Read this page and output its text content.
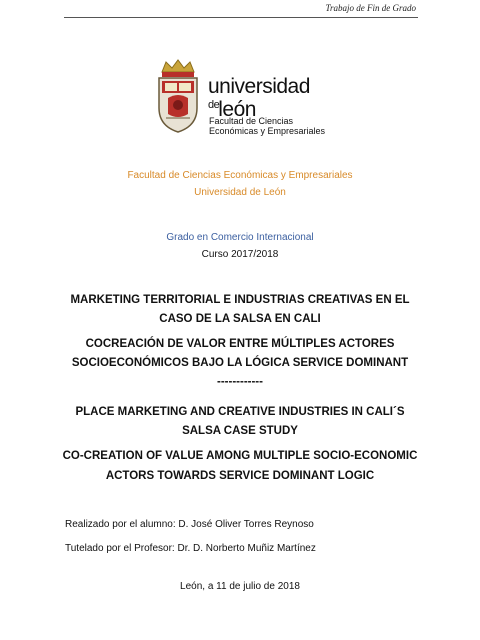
Trabajo de Fin de Grado
universidad
$^{de}$león
Facultad de Ciencias
Económicas y Empresariales
Facultad de Ciencias Económicas y Empresariales
Universidad de León
Grado en Comercio Internacional
Curso 2017/2018
MARKETING TERRITORIAL E INDUSTRIAS CREATIVAS EN EL
CASO DE LA SALSA EN CALI
COCREACIÓN DE VALOR ENTRE MÚLTIPLES ACTORES
SOCIOECONÓMICOS BAJO LA LÓGICA SERVICE DOMINANT
------------
PLACE MARKETING AND CREATIVE INDUSTRIES IN CALI´S
SALSA CASE STUDY
CO-CREATION OF VALUE AMONG MULTIPLE SOCIO-ECONOMIC
ACTORS TOWARDS SERVICE DOMINANT LOGIC
Realizado por el alumno: D. José Oliver Torres Reynoso
Tutelado por el Profesor: Dr. D. Norberto Muñiz Martínez
León, a 11 de julio de 2018
